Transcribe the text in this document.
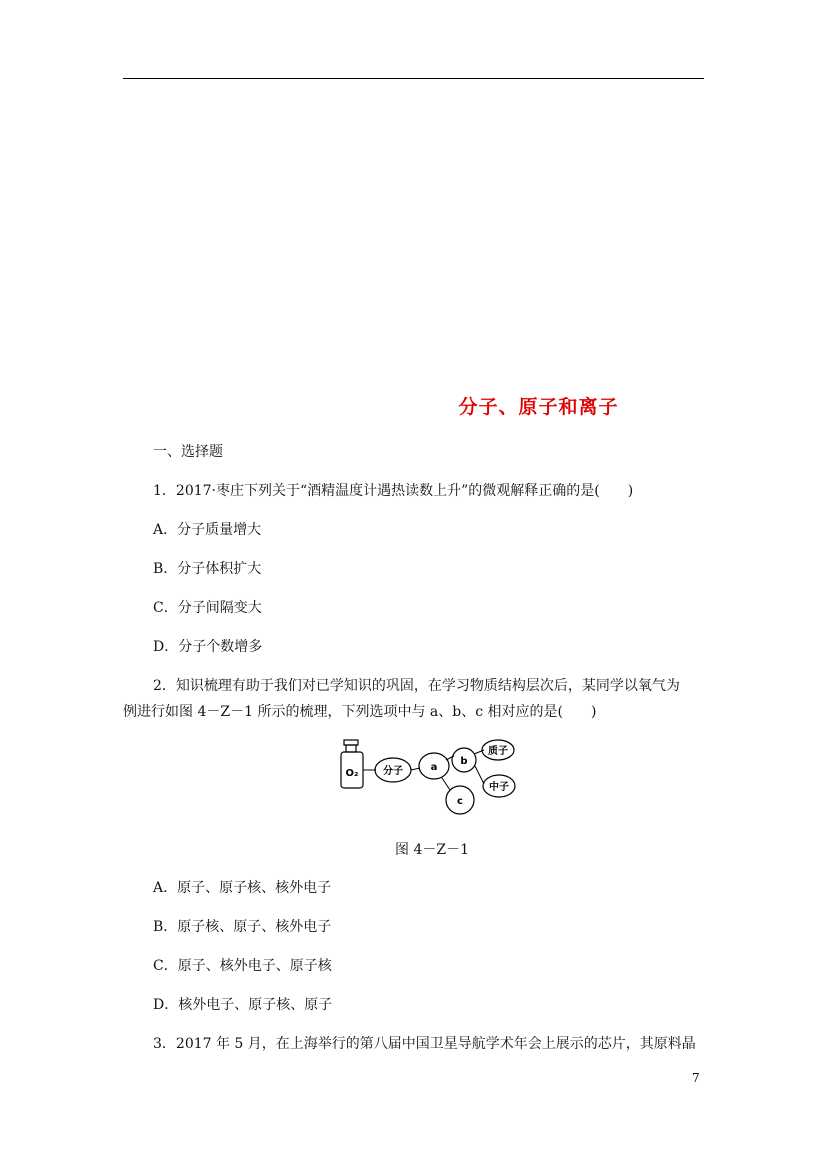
分子、原子和离子
一、选择题
1．2017·枣庄下列关于“酒精温度计遇热读数上升”的微观解释正确的是(　　)
A．分子质量增大
B．分子体积扩大
C．分子间隔变大
D．分子个数增多
2．知识梳理有助于我们对已学知识的巩固，在学习物质结构层次后，某同学以氧气为
例进行如图 4－Z－1 所示的梳理，下列选项中与 a、b、c 相对应的是(　　)
O₂ 分子	a
b
c
质子
中子
图 4－Z－1
A．原子、原子核、核外电子
B．原子核、原子、核外电子
C．原子、核外电子、原子核
D．核外电子、原子核、原子
3．2017 年 5 月，在上海举行的第八届中国卫星导航学术年会上展示的芯片，其原料晶
7
